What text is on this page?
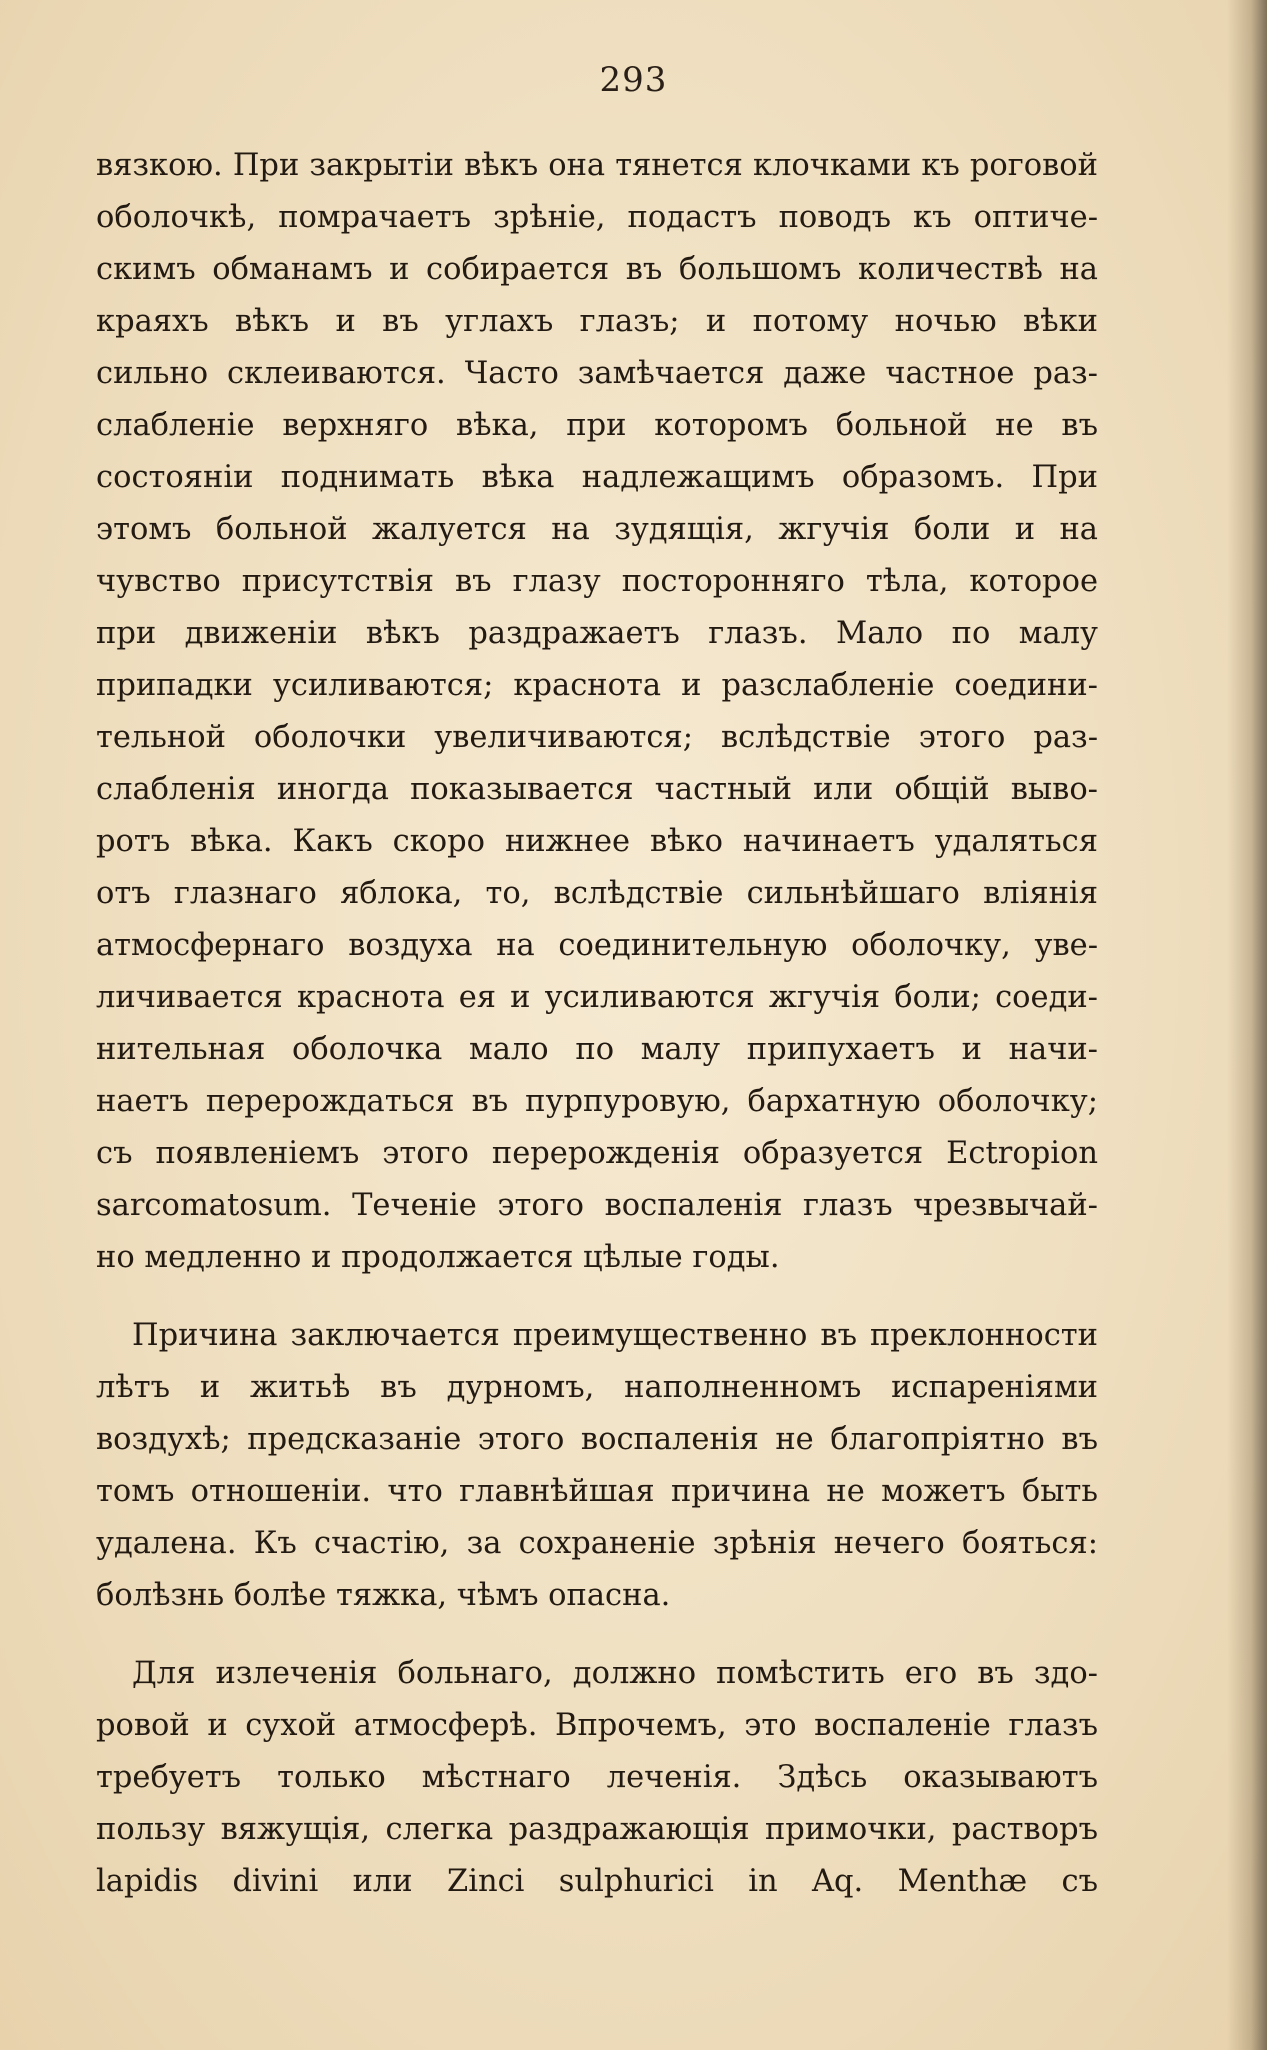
293
вязкою. При закрытіи вѣкъ она тянется клочками къ роговой
оболочкѣ, помрачаетъ зрѣніе, подастъ поводъ къ оптиче-
скимъ обманамъ и собирается въ большомъ количествѣ на
краяхъ вѣкъ и въ углахъ глазъ; и потому ночью вѣки
сильно склеиваются. Часто замѣчается даже частное раз-
слабленіе верхняго вѣка, при которомъ больной не въ
состояніи поднимать вѣка надлежащимъ образомъ. При
этомъ больной жалуется на зудящія, жгучія боли и на
чувство присутствія въ глазу посторонняго тѣла, которое
при движеніи вѣкъ раздражаетъ глазъ. Мало по малу
припадки усиливаются; краснота и разслабленіе соедини-
тельной оболочки увеличиваются; вслѣдствіе этого раз-
слабленія иногда показывается частный или общій выво-
ротъ вѣка. Какъ скоро нижнее вѣко начинаетъ удаляться
отъ глазнаго яблока, то, вслѣдствіе сильнѣйшаго вліянія
атмосфернаго воздуха на соединительную оболочку, уве-
личивается краснота ея и усиливаются жгучія боли; соеди-
нительная оболочка мало по малу припухаетъ и начи-
наетъ перерождаться въ пурпуровую, бархатную оболочку;
съ появленіемъ этого перерожденія образуется Ectropion
sarcomatosum. Теченіе этого воспаленія глазъ чрезвычай-
но медленно и продолжается цѣлые годы.
Причина заключается преимущественно въ преклонности
лѣтъ и житьѣ въ дурномъ, наполненномъ испареніями
воздухѣ; предсказаніе этого воспаленія не благопріятно въ
томъ отношеніи. что главнѣйшая причина не можетъ быть
удалена. Къ счастію, за сохраненіе зрѣнія нечего бояться:
болѣзнь болѣе тяжка, чѣмъ опасна.
Для излеченія больнаго, должно помѣстить его въ здо-
ровой и сухой атмосферѣ. Впрочемъ, это воспаленіе глазъ
требуетъ только мѣстнаго леченія. Здѣсь оказываютъ
пользу вяжущія, слегка раздражающія примочки, растворъ
lapidis divini или Zinci sulphurici in Aq. Menthæ съ
